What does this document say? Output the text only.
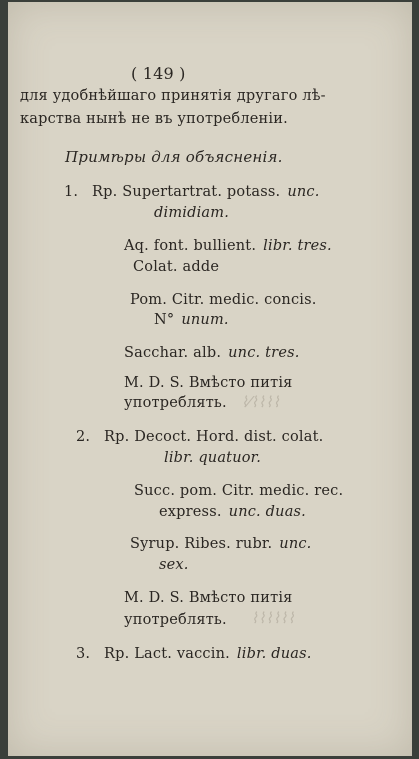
( 149 )
для удобнѣйшаго принятія другаго лѣ-
карства нынѣ не въ употребленіи.
Примѣры для объясненія.
1. Rp. Supertartrat. potass. unc.
dimidiam.
Aq. font. bullient. libr. tres.
Colat. adde
Pom. Citr. medic. concis.
N° unum.
Sacchar. alb. unc. tres.
M. D. S. Вмѣсто питія
употреблять. ⌇⁄⌇⌇⌇⌇
2. Rp. Decoct. Hord. dist. colat.
libr. quatuor.
Succ. pom. Citr. medic. rec.
express. unc. duas.
Syrup. Ribes. rubr. unc.
sex.
M. D. S. Вмѣсто питія
употреблять. ⌇⌇⌇⌇⌇⌇
3. Rp. Lact. vaccin. libr. duas.
